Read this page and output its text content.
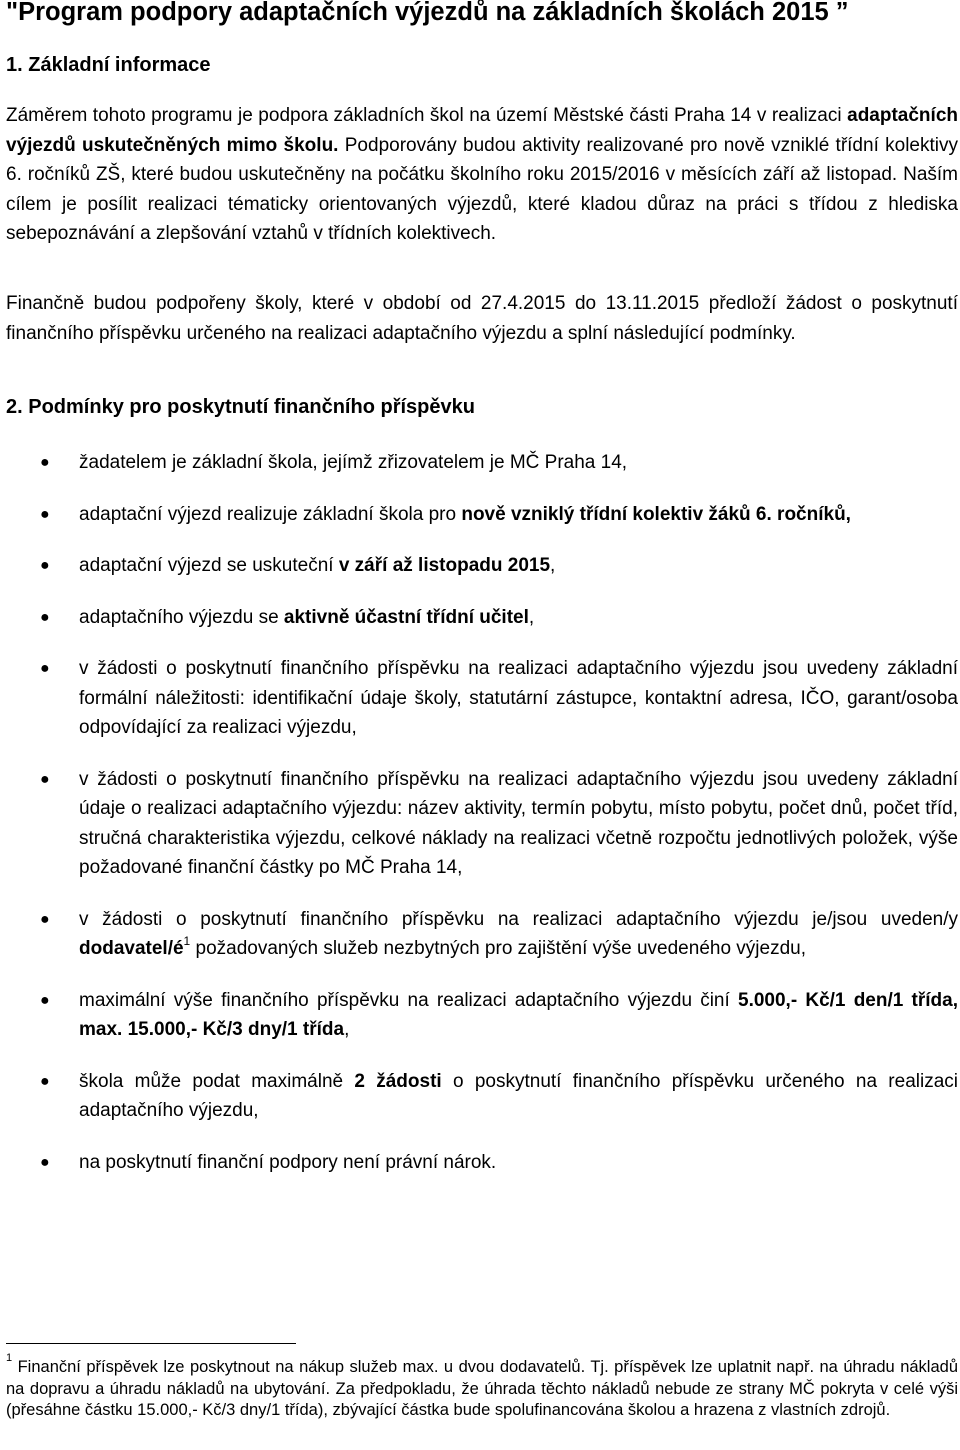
"Program podpory adaptačních výjezdů na základních školách 2015 ”
1. Základní informace

Záměrem tohoto programu je podpora základních škol na území Městské části Praha 14 v realizaci adaptačních výjezdů uskutečněných mimo školu. Podporovány budou aktivity realizované pro nově vzniklé třídní kolektivy 6. ročníků ZŠ, které budou uskutečněny na počátku školního roku 2015/2016 v měsících září až listopad. Naším cílem je posílit realizaci tématicky orientovaných výjezdů, které kladou důraz na práci s třídou z hlediska sebepoznávání a zlepšování vztahů v třídních kolektivech.

Finančně budou podpořeny školy, které v období od 27.4.2015 do 13.11.2015 předloží žádost o poskytnutí finančního příspěvku určeného na realizaci adaptačního výjezdu a splní následující podmínky.

2. Podmínky pro poskytnutí finančního příspěvku
● žadatelem je základní škola, jejímž zřizovatelem je MČ Praha 14,
● adaptační výjezd realizuje základní škola pro nově vzniklý třídní kolektiv žáků 6. ročníků,
● adaptační výjezd se uskuteční v září až listopadu 2015,
● adaptačního výjezdu se aktivně účastní třídní učitel,
● v žádosti o poskytnutí finančního příspěvku na realizaci adaptačního výjezdu jsou uvedeny základní formální náležitosti: identifikační údaje školy, statutární zástupce, kontaktní adresa, IČO, garant/osoba odpovídající za realizaci výjezdu,
● v žádosti o poskytnutí finančního příspěvku na realizaci adaptačního výjezdu jsou uvedeny základní údaje o realizaci adaptačního výjezdu: název aktivity, termín pobytu, místo pobytu, počet dnů, počet tříd, stručná charakteristika výjezdu, celkové náklady na realizaci včetně rozpočtu jednotlivých položek, výše požadované finanční částky po MČ Praha 14,
● v žádosti o poskytnutí finančního příspěvku na realizaci adaptačního výjezdu je/jsou uveden/y dodavatel/$é^1$ požadovaných služeb nezbytných pro zajištění výše uvedeného výjezdu,
● maximální výše finančního příspěvku na realizaci adaptačního výjezdu činí 5.000,- Kč/1 den/1 třída, max. 15.000,- Kč/3 dny/1 třída,
● škola může podat maximálně 2 žádosti o poskytnutí finančního příspěvku určeného na realizaci adaptačního výjezdu,
● na poskytnutí finanční podpory není právní nárok.

$^1$ Finanční příspěvek lze poskytnout na nákup služeb max. u dvou dodavatelů. Tj. příspěvek lze uplatnit např. na úhradu nákladů na dopravu a úhradu nákladů na ubytování. Za předpokladu, že úhrada těchto nákladů nebude ze strany MČ pokryta v celé výši (přesáhne částku 15.000,- Kč/3 dny/1 třída), zbývající částka bude spolufinancována školou a hrazena z vlastních zdrojů.
